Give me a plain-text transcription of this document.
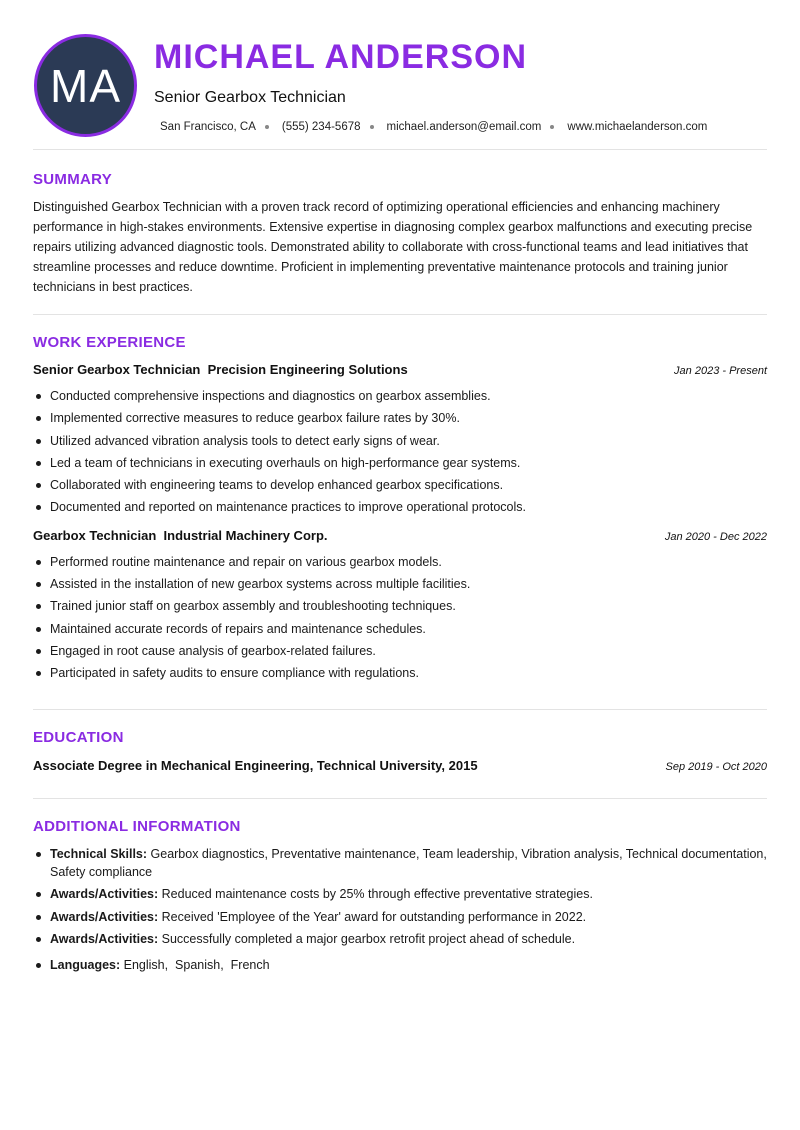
MA
MICHAEL ANDERSON
Senior Gearbox Technician
San Francisco, CA (555) 234-5678 michael.anderson@email.com www.michaelanderson.com
SUMMARY
Distinguished Gearbox Technician with a proven track record of optimizing operational efficiencies and enhancing machinery performance in high-stakes environments. Extensive expertise in diagnosing complex gearbox malfunctions and executing precise repairs utilizing advanced diagnostic tools. Demonstrated ability to collaborate with cross-functional teams and lead initiatives that streamline processes and reduce downtime. Proficient in implementing preventative maintenance protocols and training junior technicians in best practices.
WORK EXPERIENCE
Senior Gearbox Technician  Precision Engineering Solutions	Jan 2023 - Present
Conducted comprehensive inspections and diagnostics on gearbox assemblies.
Implemented corrective measures to reduce gearbox failure rates by 30%.
Utilized advanced vibration analysis tools to detect early signs of wear.
Led a team of technicians in executing overhauls on high-performance gear systems.
Collaborated with engineering teams to develop enhanced gearbox specifications.
Documented and reported on maintenance practices to improve operational protocols.
Gearbox Technician  Industrial Machinery Corp.	Jan 2020 - Dec 2022
Performed routine maintenance and repair on various gearbox models.
Assisted in the installation of new gearbox systems across multiple facilities.
Trained junior staff on gearbox assembly and troubleshooting techniques.
Maintained accurate records of repairs and maintenance schedules.
Engaged in root cause analysis of gearbox-related failures.
Participated in safety audits to ensure compliance with regulations.
EDUCATION
Associate Degree in Mechanical Engineering, Technical University, 2015	Sep 2019 - Oct 2020
ADDITIONAL INFORMATION
Technical Skills: Gearbox diagnostics, Preventative maintenance, Team leadership, Vibration analysis, Technical documentation, Safety compliance
Awards/Activities: Reduced maintenance costs by 25% through effective preventative strategies.
Awards/Activities: Received 'Employee of the Year' award for outstanding performance in 2022.
Awards/Activities: Successfully completed a major gearbox retrofit project ahead of schedule.
Languages: English,  Spanish,  French
